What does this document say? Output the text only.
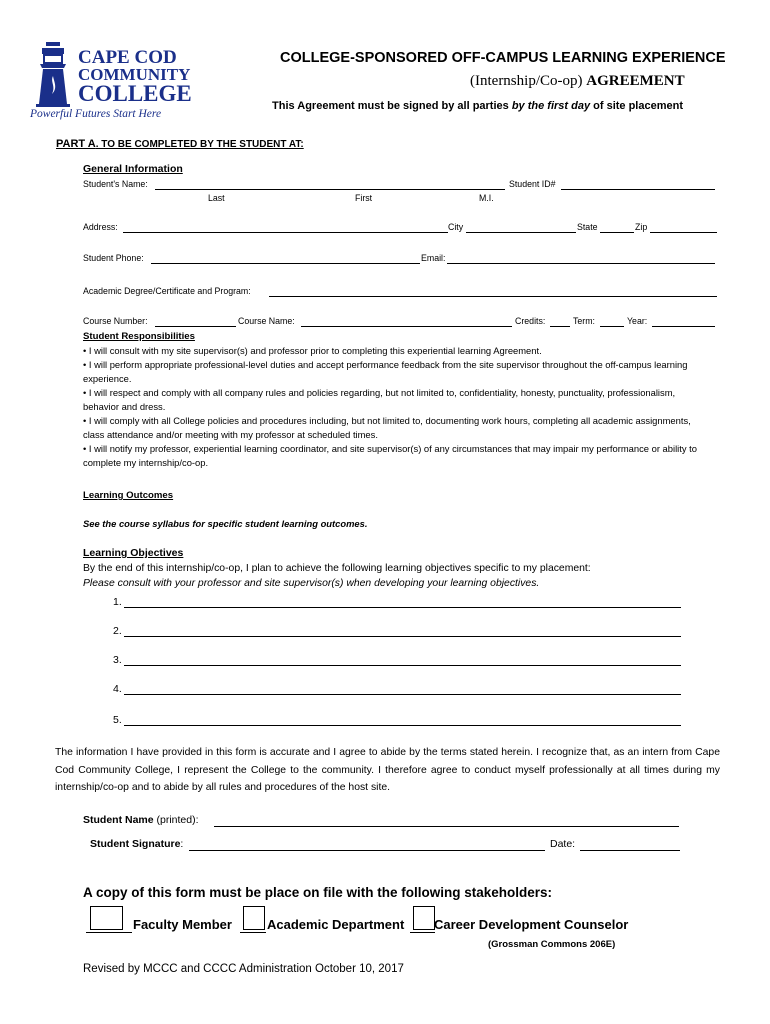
CAPE COD
COMMUNITY
COLLEGE
Powerful Futures Start Here
COLLEGE-SPONSORED OFF-CAMPUS LEARNING EXPERIENCE
(Internship/Co-op) AGREEMENT
This Agreement must be signed by all parties by the first day of site placement
PART A. TO BE COMPLETED BY THE STUDENT AT:
General Information
Student's Name:	Student ID#
Last	First	M.I.
Address:	City	State	Zip
Student Phone:	Email:
Academic Degree/Certificate and Program:
Course Number:	Course Name:	Credits:	Term:	Year:
Student Responsibilities
• I will consult with my site supervisor(s) and professor prior to completing this experiential learning Agreement.
• I will perform appropriate professional-level duties and accept performance feedback from the site supervisor throughout the off-campus learning experience.
• I will respect and comply with all company rules and policies regarding, but not limited to, confidentiality, honesty, punctuality, professionalism, behavior and dress.
• I will comply with all College policies and procedures including, but not limited to, documenting work hours, completing all academic assignments, class attendance and/or meeting with my professor at scheduled times.
• I will notify my professor, experiential learning coordinator, and site supervisor(s) of any circumstances that may impair my performance or ability to complete my internship/co-op.
Learning Outcomes
See the course syllabus for specific student learning outcomes.
Learning Objectives
By the end of this internship/co-op, I plan to achieve the following learning objectives specific to my placement:
Please consult with your professor and site supervisor(s) when developing your learning objectives.
1.
2.
3.
4.
5.
The information I have provided in this form is accurate and I agree to abide by the terms stated herein. I recognize that, as an intern from Cape Cod Community College, I represent the College to the community. I therefore agree to conduct myself professionally at all times during my internship/co-op and to abide by all rules and procedures of the host site.
Student Name (printed):
Student Signature:	Date:
A copy of this form must be place on file with the following stakeholders:
Faculty Member	Academic Department Career Development Counselor
(Grossman Commons 206E)
Revised by MCCC and CCCC Administration October 10, 2017
